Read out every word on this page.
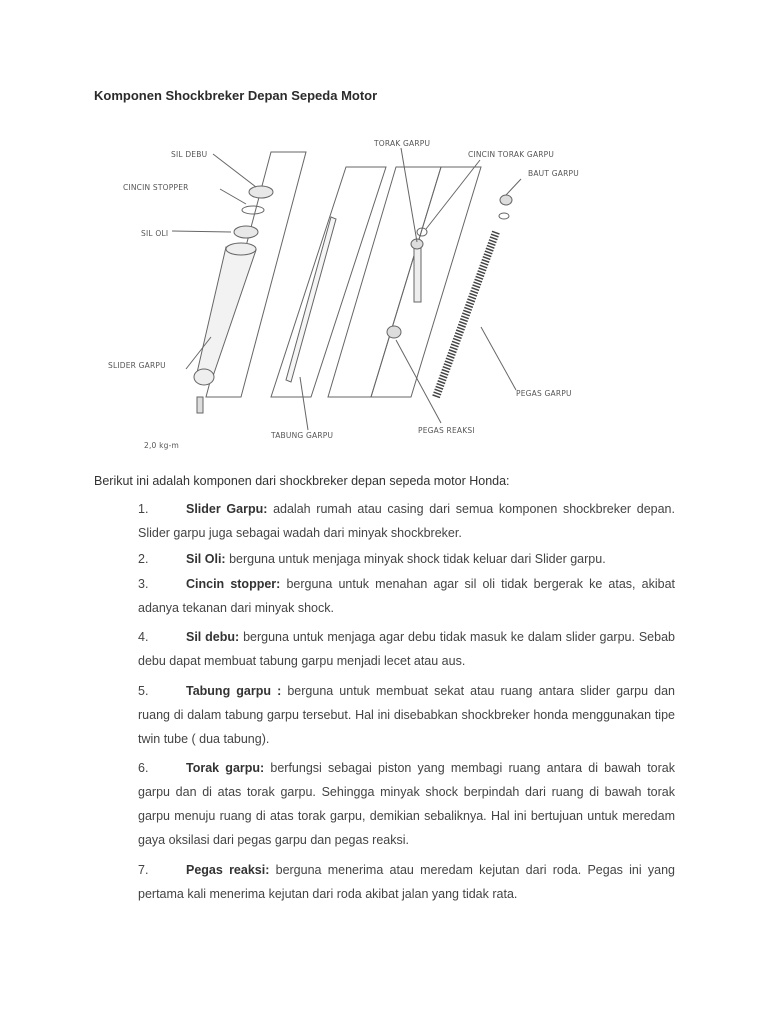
Komponen Shockbreker Depan Sepeda Motor
SIL DEBU
CINCIN STOPPER
SIL OLI
SLIDER GARPU
2,0 kg-m
TABUNG GARPU
TORAK GARPU
CINCIN TORAK GARPU
BAUT GARPU
PEGAS GARPU
PEGAS REAKSI

Berikut ini adalah komponen dari shockbreker depan sepeda motor Honda:

1.	Slider Garpu: adalah rumah atau casing dari semua komponen shockbreker depan. Slider garpu juga sebagai wadah dari minyak shockbreker.
2.	Sil Oli: berguna untuk menjaga minyak shock tidak keluar dari Slider garpu.
3.	Cincin stopper: berguna untuk menahan agar sil oli tidak bergerak ke atas, akibat adanya tekanan dari minyak shock.
4.	Sil debu: berguna untuk menjaga agar debu tidak masuk ke dalam slider garpu. Sebab debu dapat membuat tabung garpu menjadi lecet atau aus.
5.	Tabung garpu : berguna untuk membuat sekat atau ruang antara slider garpu dan ruang di dalam tabung garpu tersebut. Hal ini disebabkan shockbreker honda menggunakan tipe twin tube ( dua tabung).
6.	Torak garpu: berfungsi sebagai piston yang membagi ruang antara di bawah torak garpu dan di atas torak garpu. Sehingga minyak shock berpindah dari ruang di bawah torak garpu menuju ruang di atas torak garpu, demikian sebaliknya. Hal ini bertujuan untuk meredam gaya oksilasi dari pegas garpu dan pegas reaksi.
7.	Pegas reaksi: berguna menerima atau meredam kejutan dari roda. Pegas ini yang pertama kali menerima kejutan dari roda akibat jalan yang tidak rata.
